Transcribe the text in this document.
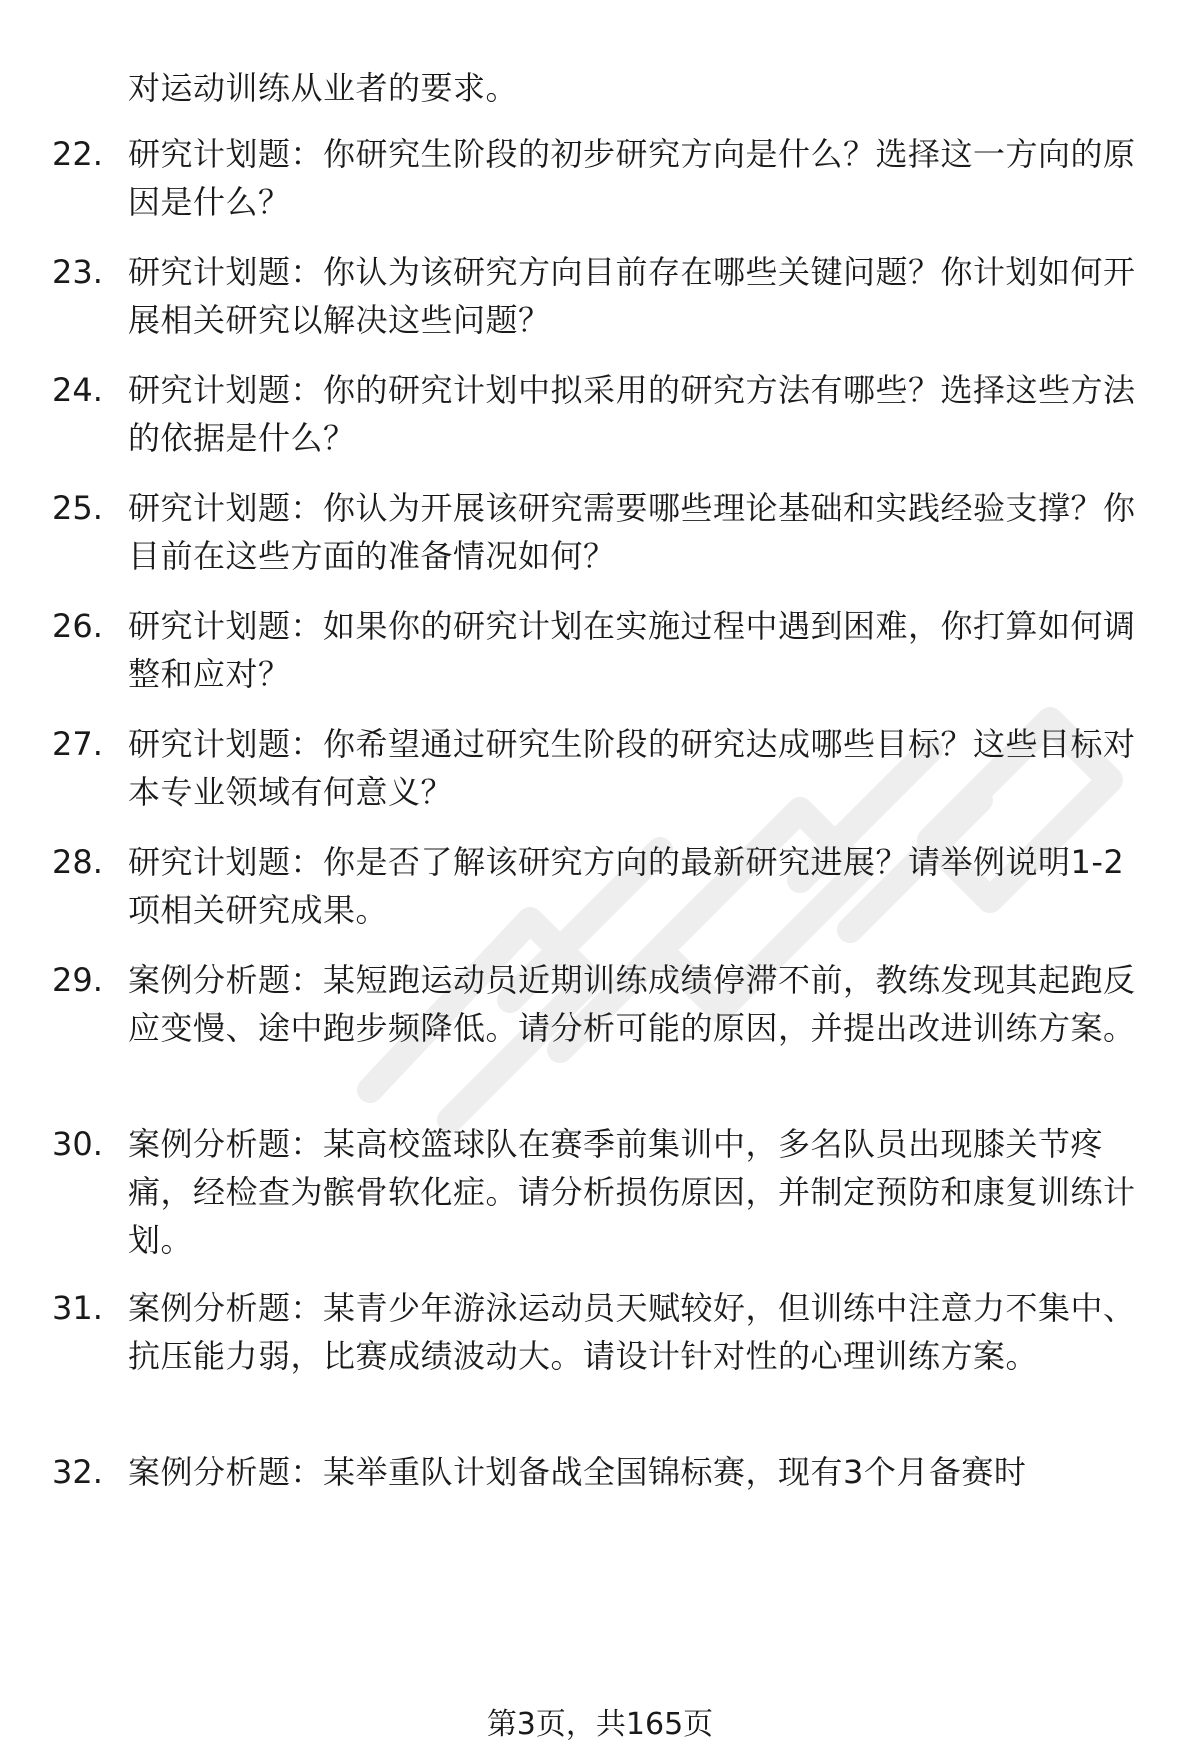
对运动训练从业者的要求。
22. 研究计划题：你研究生阶段的初步研究方向是什么？选择这一方向的原因是什么？
23. 研究计划题：你认为该研究方向目前存在哪些关键问题？你计划如何开展相关研究以解决这些问题？
24. 研究计划题：你的研究计划中拟采用的研究方法有哪些？选择这些方法的依据是什么？
25. 研究计划题：你认为开展该研究需要哪些理论基础和实践经验支撑？你目前在这些方面的准备情况如何？
26. 研究计划题：如果你的研究计划在实施过程中遇到困难，你打算如何调整和应对？
27. 研究计划题：你希望通过研究生阶段的研究达成哪些目标？这些目标对本专业领域有何意义？
28. 研究计划题：你是否了解该研究方向的最新研究进展？请举例说明1-2项相关研究成果。
29. 案例分析题：某短跑运动员近期训练成绩停滞不前，教练发现其起跑反应变慢、途中跑步频降低。请分析可能的原因，并提出改进训练方案。
30. 案例分析题：某高校篮球队在赛季前集训中，多名队员出现膝关节疼痛，经检查为髌骨软化症。请分析损伤原因，并制定预防和康复训练计划。
31. 案例分析题：某青少年游泳运动员天赋较好，但训练中注意力不集中、抗压能力弱，比赛成绩波动大。请设计针对性的心理训练方案。
32. 案例分析题：某举重队计划备战全国锦标赛，现有3个月备赛时
第3页，共165页
